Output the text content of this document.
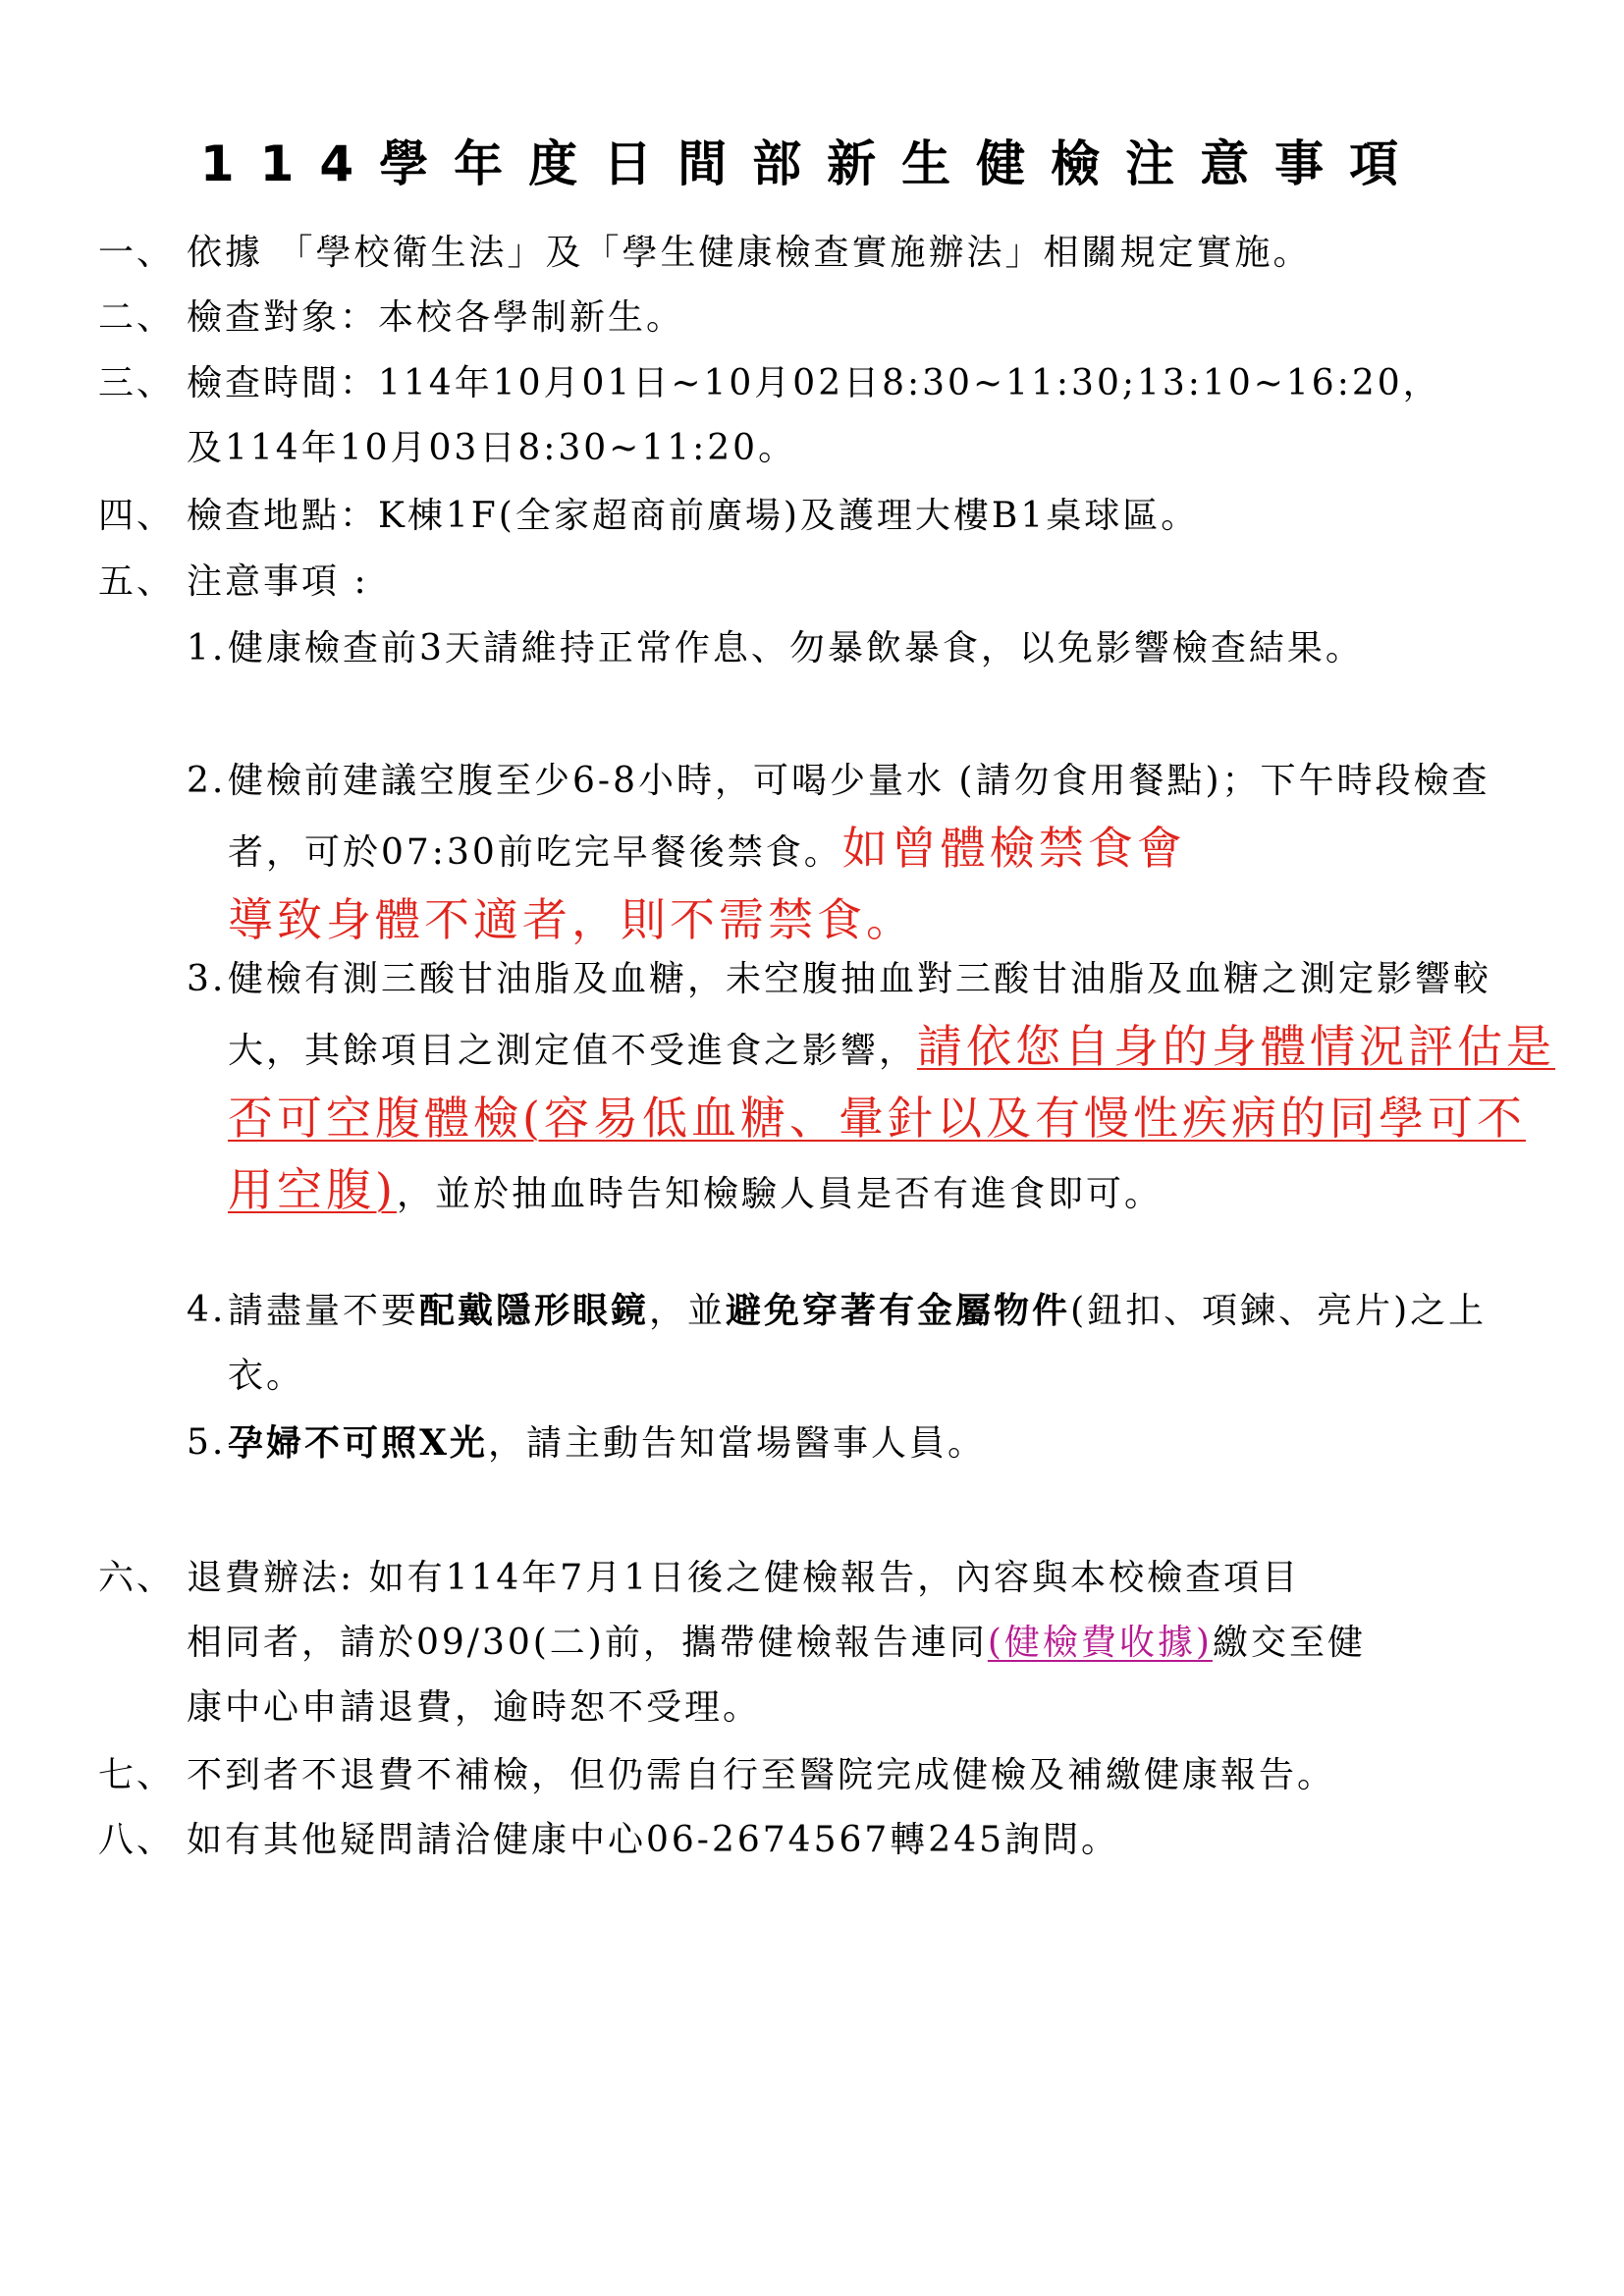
114學年度日間部新生健檢注意事項
一、 依據 「學校衛生法」及「學生健康檢查實施辦法」相關規定實施。
二、 檢查對象：本校各學制新生。
三、 檢查時間：114年10月01日~10月02日8:30~11:30;13:10~16:20，
及114年10月03日8:30~11:20。
四、 檢查地點：K棟1F(全家超商前廣場)及護理大樓B1桌球區。
五、 注意事項 :
1. 健康檢查前3天請維持正常作息、勿暴飲暴食，以免影響檢查結果。
2. 健檢前建議空腹至少6-8小時，可喝少量水 (請勿食用餐點)；下午時段檢查者，可於07:30前吃完早餐後禁食。如曾體檢禁食會
導致身體不適者，則不需禁食。
3. 健檢有測三酸甘油脂及血糖，未空腹抽血對三酸甘油脂及血糖之測定影響較大，其餘項目之測定值不受進食之影響，請依您自身的身體情況評估是否可空腹體檢(容易低血糖、暈針以及有慢性疾病的同學可不用空腹)，並於抽血時告知檢驗人員是否有進食即可。
4. 請盡量不要配戴隱形眼鏡，並避免穿著有金屬物件(鈕扣、項鍊、亮片)之上衣。
5. 孕婦不可照X光，請主動告知當場醫事人員。
六、 退費辦法: 如有114年7月1日後之健檢報告，內容與本校檢查項目
相同者，請於09/30(二)前，攜帶健檢報告連同(健檢費收據)繳交至健
康中心申請退費，逾時恕不受理。
七、 不到者不退費不補檢，但仍需自行至醫院完成健檢及補繳健康報告。
八、 如有其他疑問請洽健康中心06-2674567轉245詢問。
